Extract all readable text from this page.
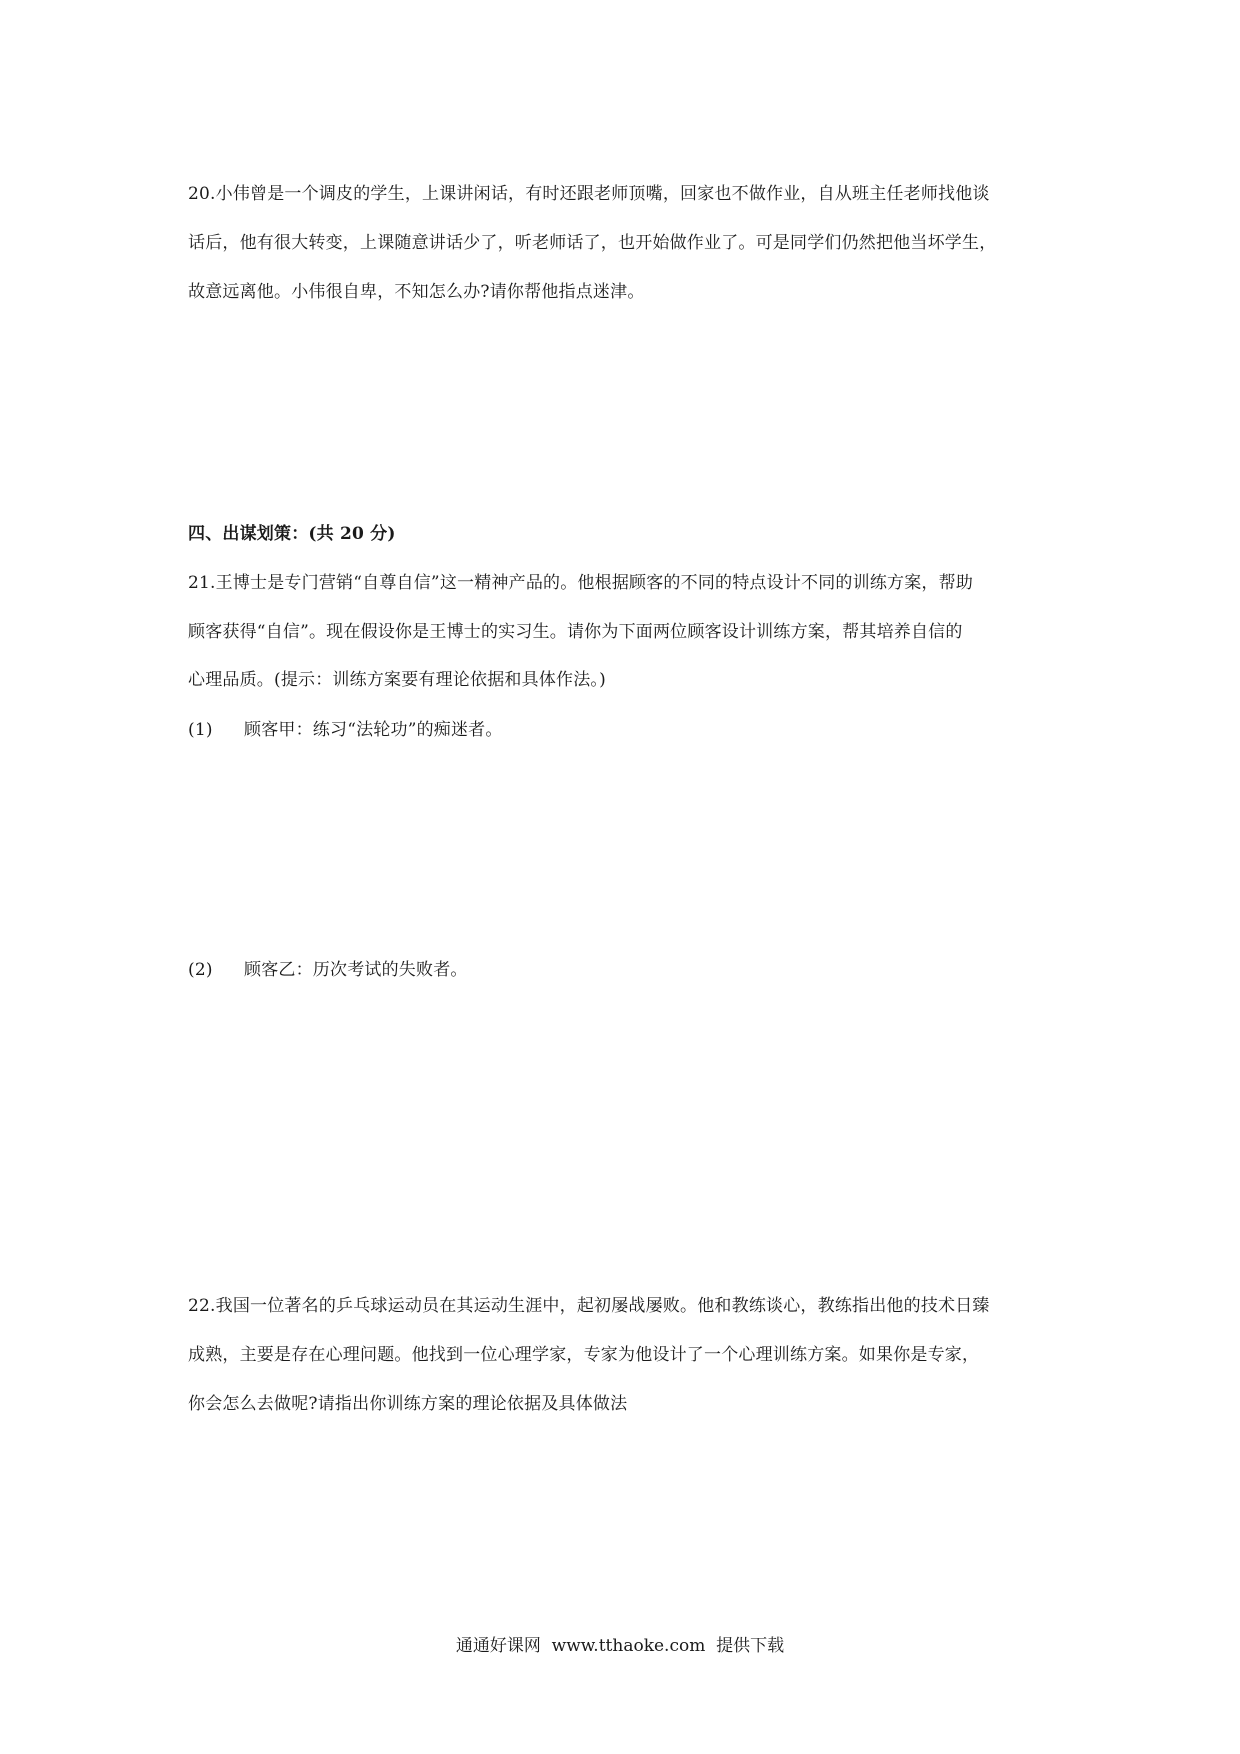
20.小伟曾是一个调皮的学生，上课讲闲话，有时还跟老师顶嘴，回家也不做作业，自从班主任老师找他谈
话后，他有很大转变，上课随意讲话少了，听老师话了，也开始做作业了。可是同学们仍然把他当坏学生，
故意远离他。小伟很自卑，不知怎么办?请你帮他指点迷津。
四、出谋划策：(共 20 分)
21.王博士是专门营销“自尊自信”这一精神产品的。他根据顾客的不同的特点设计不同的训练方案，帮助
顾客获得“自信”。现在假设你是王博士的实习生。请你为下面两位顾客设计训练方案，帮其培养自信的
心理品质。(提示：训练方案要有理论依据和具体作法。)
(1) 顾客甲：练习“法轮功”的痴迷者。
(2) 顾客乙：历次考试的失败者。
22.我国一位著名的乒乓球运动员在其运动生涯中，起初屡战屡败。他和教练谈心，教练指出他的技术日臻
成熟，主要是存在心理问题。他找到一位心理学家，专家为他设计了一个心理训练方案。如果你是专家，
你会怎么去做呢?请指出你训练方案的理论依据及具体做法
通通好课网  www.tthaoke.com  提供下载
